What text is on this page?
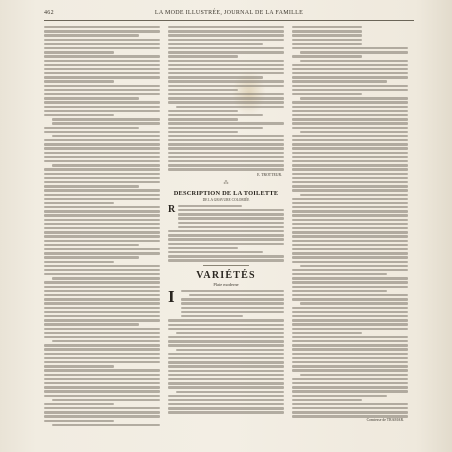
462	LA MODE ILLUSTRÉE, JOURNAL DE LA FAMILLE
E. TROTTEUR.
⁂
DESCRIPTION DE LA TOILETTE
DE LA GRAVURE COLORIÉE
R
VARIÉTÉS
Plaie moderne
I
Comtesse de TRAMAR.
